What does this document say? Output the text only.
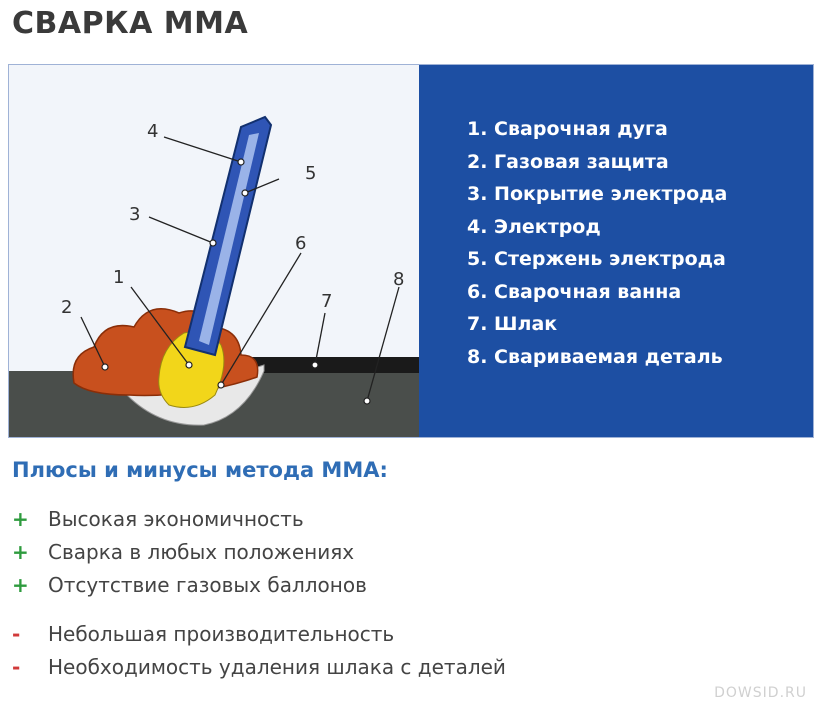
СВАРКА ММА
4
5
3
6
1
2	7
8
1. Сварочная дуга
2. Газовая защита
3. Покрытие электрода
4. Электрод
5. Стержень электрода
6. Сварочная ванна
7. Шлак
8. Свариваемая деталь
Плюсы и минусы метода ММА:
+ Высокая экономичность
+ Сварка в любых положениях
+ Отсутствие газовых баллонов
- Небольшая производительность
- Необходимость удаления шлака с деталей
DOWSID.RU
